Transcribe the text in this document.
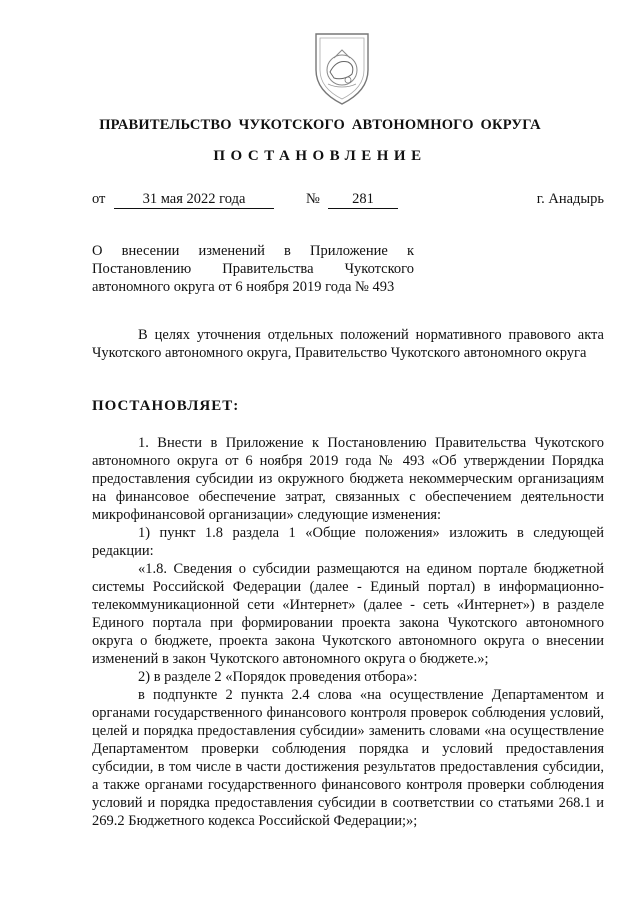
ПРАВИТЕЛЬСТВО ЧУКОТСКОГО АВТОНОМНОГО ОКРУГА
ПОСТАНОВЛЕНИЕ
от	31 мая 2022 года	№	281	г. Анадырь
О внесении изменений в Приложение к Постановлению Правительства Чукотского автономного округа от 6 ноября 2019 года № 493

В целях уточнения отдельных положений нормативного правового акта Чукотского автономного округа, Правительство Чукотского автономного округа

ПОСТАНОВЛЯЕТ:

1. Внести в Приложение к Постановлению Правительства Чукотского автономного округа от 6 ноября 2019 года № 493 «Об утверждении Порядка предоставления субсидии из окружного бюджета некоммерческим организациям на финансовое обеспечение затрат, связанных с обеспечением деятельности микрофинансовой организации» следующие изменения:

1) пункт 1.8 раздела 1 «Общие положения» изложить в следующей редакции:

«1.8. Сведения о субсидии размещаются на едином портале бюджетной системы Российской Федерации (далее - Единый портал) в информационно-телекоммуникационной сети «Интернет» (далее - сеть «Интернет») в разделе Единого портала при формировании проекта закона Чукотского автономного округа о бюджете, проекта закона Чукотского автономного округа о внесении изменений в закон Чукотского автономного округа о бюджете.»;

2) в разделе 2 «Порядок проведения отбора»:

в подпункте 2 пункта 2.4 слова «на осуществление Департаментом и органами государственного финансового контроля проверок соблюдения условий, целей и порядка предоставления субсидии» заменить словами «на осуществление Департаментом проверки соблюдения порядка и условий предоставления субсидии, в том числе в части достижения результатов предоставления субсидии, а также органами государственного финансового контроля проверки соблюдения условий и порядка предоставления субсидии в соответствии со статьями 268.1 и 269.2 Бюджетного кодекса Российской Федерации;»;
